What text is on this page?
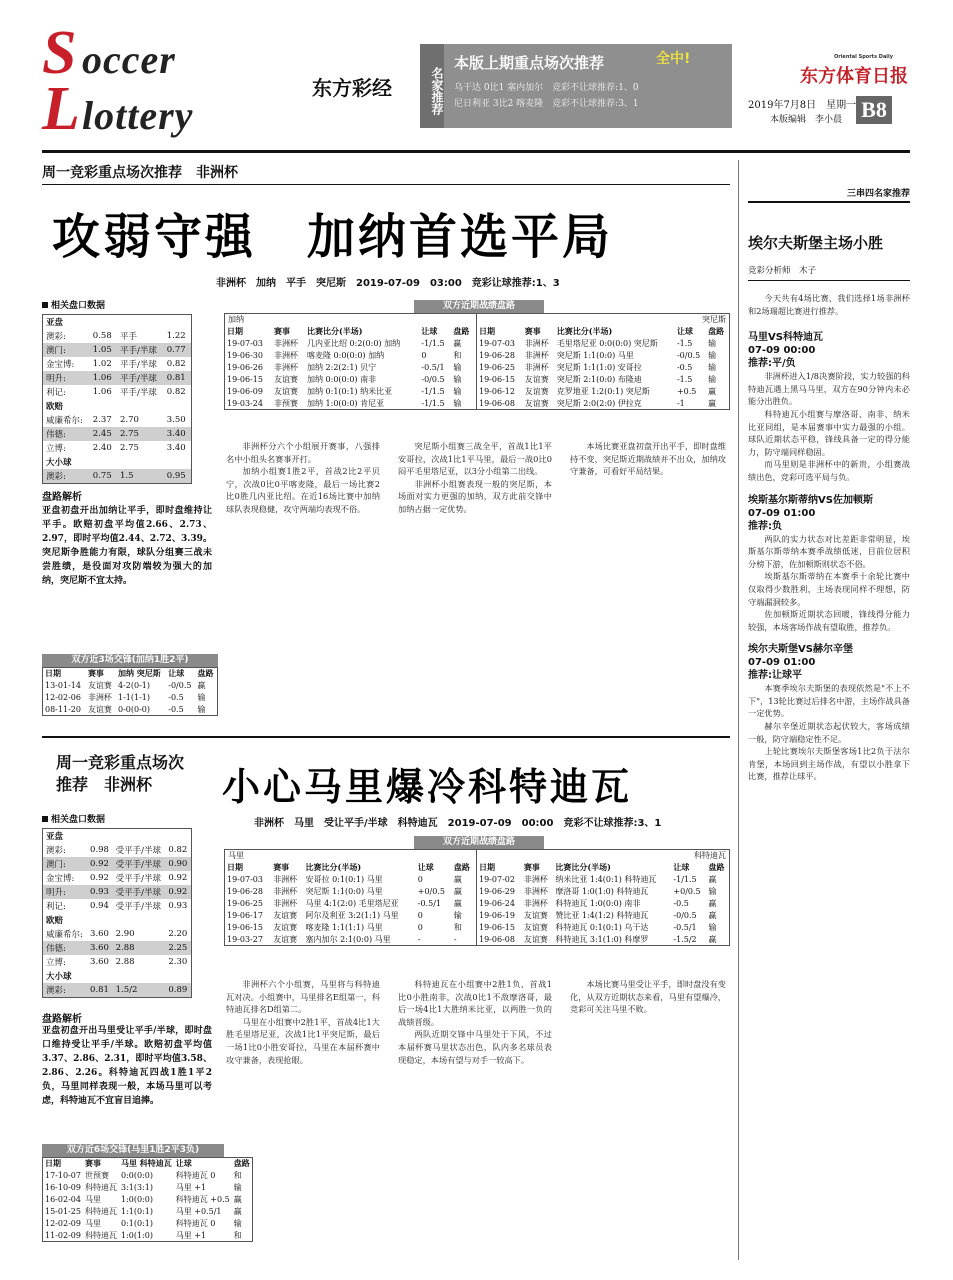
S occer
L lottery
东方彩经	名家推荐
本版上期重点场次推荐	全中!
乌干达 0比1 塞内加尔　竞彩不让球推荐:1、0
尼日利亚 3比2 喀麦隆　竞彩不让球推荐:3、1
Oriental Sports Daily
东方体育日报
2019年7月8日　星期一
本版编辑　李小晨 B8
周一竞彩重点场次推荐　非洲杯
攻弱守强　加纳首选平局
非洲杯　加纳　平手　突尼斯　2019-07-09　03:00　竞彩让球推荐:1、3
相关盘口数据
亚盘			
澳彩:	0.58	平手	1.22
澳门:	1.05	平手/半球	0.77
金宝博:	1.02	平手/半球	0.82
明升:	1.06	平手/半球	0.81
利记:	1.06	平手/半球	0.82
欧赔			
威廉希尔:	2.37	2.70	3.50
伟德:	2.45	2.75	3.40
立博:	2.40	2.75	3.40
大小球			
澳彩:	0.75	1.5	0.95
盘路解析
亚盘初盘开出加纳让平手，即时盘维持让平手。欧赔初盘平均值2.66、2.73、2.97，即时平均值2.44、2.72、3.39。突尼斯争胜能力有限，球队分组赛三战未尝胜绩，是役面对攻防端较为强大的加纳，突尼斯不宜太持。
双方近3场交锋(加纳1胜2平)
日期	赛事	加纳 突尼斯	让球	盘路
13-01-14	友谊赛	4-2(0-1)	-0/0.5	赢
12-02-06	非洲杯	1-1(1-1)	-0.5	输
08-11-20	友谊赛	0-0(0-0)	-0.5	输
双方近期战绩盘路
加纳
日期	赛事	比赛比分(半场)	让球	盘路
19-07-03	非洲杯	几内亚比绍 0:2(0:0) 加纳	-1/1.5	赢
19-06-30	非洲杯	喀麦隆 0:0(0:0) 加纳	0	和
19-06-26	非洲杯	加纳 2:2(2:1) 贝宁	-0.5/1	输
19-06-15	友谊赛	加纳 0:0(0:0) 南非	-0/0.5	输
19-06-09	友谊赛	加纳 0:1(0:1) 纳米比亚	-1/1.5	输
19-03-24	非预赛	加纳 1:0(0:0) 肯尼亚	-1/1.5	输
突尼斯
日期	赛事	比赛比分(半场)	让球	盘路
19-07-03	非洲杯	毛里塔尼亚 0:0(0:0) 突尼斯	-1.5	输
19-06-28	非洲杯	突尼斯 1:1(0:0) 马里	-0/0.5	输
19-06-25	非洲杯	突尼斯 1:1(1:0) 安哥拉	-0.5	输
19-06-15	友谊赛	突尼斯 2:1(0:0) 布隆迪	-1.5	输
19-06-12	友谊赛	克罗地亚 1:2(0:1) 突尼斯	+0.5	赢
19-06-08	友谊赛	突尼斯 2:0(2:0) 伊拉克	-1	赢

非洲杯分六个小组展开赛事，八强排名中小组头名赛事开打。

加纳小组赛1胜2平，首战2比2平贝宁，次战0比0平喀麦隆，最后一场比赛2比0胜几内亚比绍。在近16场比赛中加纳球队表现稳健，攻守两端均表现不俗。

突尼斯小组赛三战全平，首战1比1平安哥拉，次战1比1平马里，最后一战0比0闷平毛里塔尼亚，以3分小组第二出线。

非洲杯小组赛表现一般的突尼斯，本场面对实力更强的加纳，双方此前交锋中加纳占据一定优势。

本场比赛亚盘初盘开出平手，即时盘维持不变，突尼斯近期战绩并不出众，加纳攻守兼备，可看好平局结果。

周一竞彩重点场次推荐　非洲杯	小心马里爆冷科特迪瓦
非洲杯　马里　受让平手/半球　科特迪瓦　2019-07-09　00:00　竞彩不让球推荐:3、1
相关盘口数据
亚盘			
澳彩:	0.98	受平手/半球	0.82
澳门:	0.92	受平手/半球	0.90
金宝博:	0.92	受平手/半球	0.92
明升:	0.93	受平手/半球	0.92
利记:	0.94	受平手/半球	0.93
欧赔			
威廉希尔:	3.60	2.90	2.20
伟德:	3.60	2.88	2.25
立博:	3.60	2.88	2.30
大小球			
澳彩:	0.81	1.5/2	0.89
盘路解析
亚盘初盘开出马里受让平手/半球，即时盘口维持受让平手/半球。欧赔初盘平均值3.37、2.86、2.31，即时平均值3.58、2.86、2.26。科特迪瓦四战1胜1平2负，马里同样表现一般，本场马里可以考虑，科特迪瓦不宜盲目追捧。
双方近6场交锋(马里1胜2平3负)
日期	赛事	马里 科特迪瓦	让球	盘路
17-10-07	世预赛	0:0(0:0)	科特迪瓦 0	和
16-10-09	科特迪瓦	3:1(3:1)	马里 +1	输
16-02-04	马里	1:0(0:0)	科特迪瓦 +0.5	赢
15-01-25	科特迪瓦	1:1(0:1)	马里 +0.5/1	赢
12-02-09	马里	0:1(0:1)	科特迪瓦 0	输
11-02-09	科特迪瓦	1:0(1:0)	马里 +1	和
双方近期战绩盘路
马里
日期	赛事	比赛比分(半场)	让球	盘路
19-07-03	非洲杯	安哥拉 0:1(0:1) 马里	0	赢
19-06-28	非洲杯	突尼斯 1:1(0:0) 马里	+0/0.5	赢
19-06-25	非洲杯	马里 4:1(2:0) 毛里塔尼亚	-0.5/1	赢
19-06-17	友谊赛	阿尔及利亚 3:2(1:1) 马里	0	输
19-06-15	友谊赛	喀麦隆 1:1(1:1) 马里	0	和
19-03-27	友谊赛	塞内加尔 2:1(0:0) 马里	-	-
科特迪瓦
日期	赛事	比赛比分(半场)	让球	盘路
19-07-02	非洲杯	纳米比亚 1:4(0:1) 科特迪瓦	-1/1.5	赢
19-06-29	非洲杯	摩洛哥 1:0(1:0) 科特迪瓦	+0/0.5	输
19-06-24	非洲杯	科特迪瓦 1:0(0:0) 南非	-0.5	赢
19-06-19	友谊赛	赞比亚 1:4(1:2) 科特迪瓦	-0/0.5	赢
19-06-15	友谊赛	科特迪瓦 0:1(0:1) 乌干达	-0.5/1	输
19-06-08	友谊赛	科特迪瓦 3:1(1:0) 科摩罗	-1.5/2	赢

非洲杯六个小组赛，马里将与科特迪瓦对决。小组赛中，马里排名E组第一，科特迪瓦排名D组第二。

马里在小组赛中2胜1平，首战4比1大胜毛里塔尼亚，次战1比1平突尼斯，最后一场1比0小胜安哥拉，马里在本届杯赛中攻守兼备，表现抢眼。

科特迪瓦在小组赛中2胜1负，首战1比0小胜南非，次战0比1不敌摩洛哥，最后一场4比1大胜纳米比亚，以两胜一负的战绩晋级。

两队近期交锋中马里处于下风，不过本届杯赛马里状态出色，队内多名球员表现稳定，本场有望与对手一较高下。

本场比赛马里受让平手，即时盘没有变化，从双方近期状态来看，马里有望爆冷，竞彩可关注马里不败。

三串四名家推荐
埃尔夫斯堡主场小胜
竞彩分析师　木子

今天共有4场比赛，我们选择1场非洲杯和2场瑞超比赛进行推荐。

马里VS科特迪瓦
07-09 00:00
推荐:平/负

非洲杯进入1/8决赛阶段，实力较强的科特迪瓦遇上黑马马里，双方在90分钟内未必能分出胜负。

科特迪瓦小组赛与摩洛哥、南非、纳米比亚同组，是本届赛事中实力最强的小组。球队近期状态平稳，锋线具备一定的得分能力，防守端同样稳固。

而马里则是非洲杯中的新贵，小组赛战绩出色，竞彩可选平局与负。

埃斯基尔斯蒂纳VS佐加顿斯
07-09 01:00
推荐:负

两队的实力状态对比差距非常明显，埃斯基尔斯蒂纳本赛季战绩低迷，目前位居积分榜下游，佐加顿斯则状态不俗。

埃斯基尔斯蒂纳在本赛季十余轮比赛中仅取得少数胜利，主场表现同样不理想，防守端漏洞较多。

佐加顿斯近期状态回暖，锋线得分能力较强，本场客场作战有望取胜，推荐负。

埃尔夫斯堡VS赫尔辛堡
07-09 01:00
推荐:让球平

本赛季埃尔夫斯堡的表现依然是"不上不下"，13轮比赛过后排名中游，主场作战具备一定优势。

赫尔辛堡近期状态起伏较大，客场成绩一般，防守端稳定性不足。

上轮比赛埃尔夫斯堡客场1比2负于法尔肯堡，本场回到主场作战，有望以小胜拿下比赛，推荐让球平。
